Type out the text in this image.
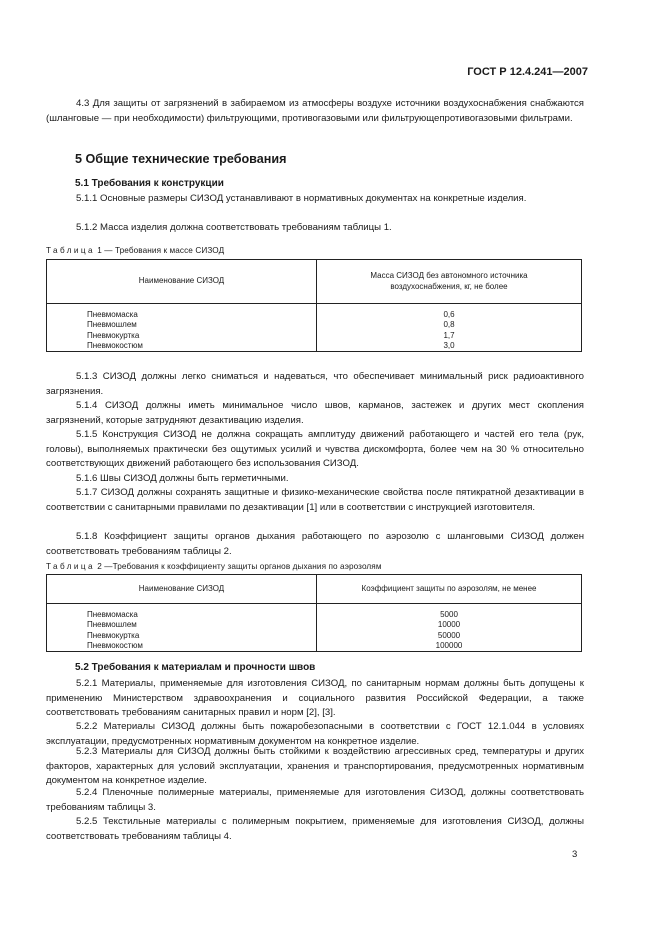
ГОСТ Р 12.4.241—2007

4.3 Для защиты от загрязнений в забираемом из атмосферы воздухе источники воздухоснабжения снабжаются (шланговые — при необходимости) фильтрующими, противогазовыми или фильтрующепротивогазовыми фильтрами.

5 Общие технические требования
5.1 Требования к конструкции

5.1.1 Основные размеры СИЗОД устанавливают в нормативных документах на конкретные изделия.

5.1.2 Масса изделия должна соответствовать требованиям таблицы 1.

Таблица 1 — Требования к массе СИЗОД
Наименование СИЗОД	Масса СИЗОД без автономного источника
воздухоснабжения, кг, не более

Пневмомаска	0,6
Пневмошлем	0,8
Пневмокуртка	1,7
Пневмокостюм	3,0

5.1.3 СИЗОД должны легко сниматься и надеваться, что обеспечивает минимальный риск радиоактивного загрязнения.

5.1.4 СИЗОД должны иметь минимальное число швов, карманов, застежек и других мест скопления загрязнений, которые затрудняют дезактивацию изделия.

5.1.5 Конструкция СИЗОД не должна сокращать амплитуду движений работающего и частей его тела (рук, головы), выполняемых практически без ощутимых усилий и чувства дискомфорта, более чем на 30 % относительно соответствующих движений работающего без использования СИЗОД.

5.1.6 Швы СИЗОД должны быть герметичными.

5.1.7 СИЗОД должны сохранять защитные и физико-механические свойства после пятикратной дезактивации в соответствии с санитарными правилами по дезактивации [1] или в соответствии с инструкцией изготовителя.

5.1.8 Коэффициент защиты органов дыхания работающего по аэрозолю с шланговыми СИЗОД должен соответствовать требованиям таблицы 2.

Таблица 2 —Требования к коэффициенту защиты органов дыхания по аэрозолям
Наименование СИЗОД	Коэффициент защиты по аэрозолям, не менее

Пневмомаска	5000
Пневмошлем	10000
Пневмокуртка	50000
Пневмокостюм	100000
5.2 Требования к материалам и прочности швов

5.2.1 Материалы, применяемые для изготовления СИЗОД, по санитарным нормам должны быть допущены к применению Министерством здравоохранения и социального развития Российской Федерации, а также соответствовать требованиям санитарных правил и норм [2], [3].

5.2.2 Материалы СИЗОД должны быть пожаробезопасными в соответствии с ГОСТ 12.1.044 в условиях эксплуатации, предусмотренных нормативным документом на конкретное изделие.

5.2.3 Материалы для СИЗОД должны быть стойкими к воздействию агрессивных сред, температуры и других факторов, характерных для условий эксплуатации, хранения и транспортирования, предусмотренных нормативным документом на конкретное изделие.

5.2.4 Пленочные полимерные материалы, применяемые для изготовления СИЗОД, должны соответствовать требованиям таблицы 3.

5.2.5 Текстильные материалы с полимерным покрытием, применяемые для изготовления СИЗОД, должны соответствовать требованиям таблицы 4.

3
